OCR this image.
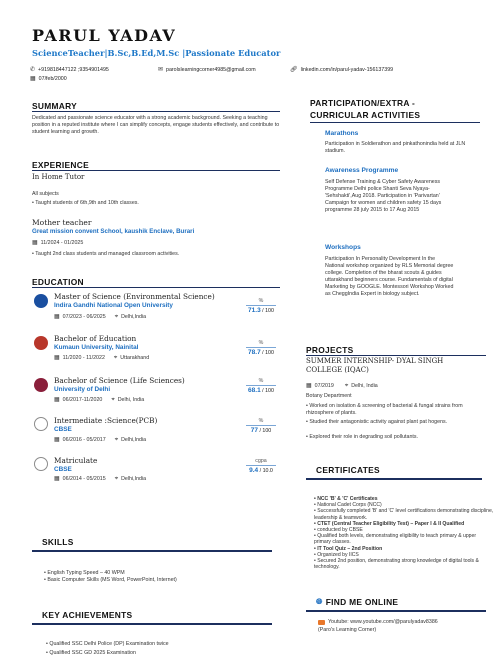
PARUL YADAV
ScienceTeacher|B.Sc,B.Ed,M.Sc |Passionate Educator
✆ +919818447122 ;9354901495	✉ parolslearningcorner4985@gmail.com	🔗︎ linkedin.com/in/parul-yadav-156137399
▦ 07/feb/2000
SUMMARY
Dedicated and passionate science educator with a strong academic background. Seeking a teaching position in a reputed institute where I can simplify concepts, engage students effectively, and contribute to student learning and growth.
EXPERIENCE
In Home Tutor
All subjects
• Taught students of 6th,9th and 10th classes.
Mother teacher
Great mission convent School, kaushik Enclave, Burari
▦ 11/2024 - 01/2025
• Taught 2nd class students and managed classroom activities.
EDUCATION
Master of Science (Environmental Science)
Indira Gandhi National Open University
▦ 07/2023 - 06/2025 ⌖ Delhi,India
%
71.3 / 100
Bachelor of Education
Kumaun University, Nainital
▦ 11/2020 - 11/2022 ⌖ Uttarakhand
%
78.7 / 100
Bachelor of Science (Life Sciences)
University of Delhi
▦ 06/2017-11/2020 ⌖ Delhi, India
%
68.1 / 100
Intermediate :Science(PCB)
CBSE
▦ 06/2016 - 05/2017 ⌖ Delhi,India
%
77 / 100
Matriculate
CBSE
▦ 06/2014 - 05/2015 ⌖ Delhi,India
cgpa
9.4 / 10.0
SKILLS
• English Typing Speed – 40 WPM
• Basic Computer Skills (MS Word, PowerPoint, Internet)
KEY ACHIEVEMENTS
• Qualified SSC Delhi Police (DP) Examination twice
• Qualified SSC GD 2025 Examination
PARTICIPATION/EXTRA -
CURRICULAR ACTIVITIES
Marathons
Participation in Soldierathon and pinkathonindia held at JLN stadium.
Awareness Programme
Self Defense Training & Cyber Safety Awareness Programme Delhi police Shanti Seva Nyaya- 'Sehshakti',Aug 2018. Participation in 'Parivartan' Campaign for women and children safety 15 days programme 28 july 2015 to 17 Aug 2015
Workshops
Participation In Personality Development In the National workshop organized by RLS Memorial degree college. Completion of the bharat scouts & guides uttarakhand beginners course. Fundamentals of digital Marketing by GOOGLE. Montessori Workshop Worked as CheggIndia Expert in biology subject.
PROJECTS
SUMMER INTERNSHIP- DYAL SINGH COLLEGE (IQAC)
▦ 07/2019 ⌖ Delhi, India
Botany Department
• Worked on isolation & screening of bacterial & fungal strains from rhizosphere of plants.
• Studied their antagonistic activity against plant pat hogens.
• Explored their role in degrading soil pollutants.
CERTIFICATES
• NCC 'B' & 'C' Certificates
• National Cadet Corps (NCC)
• Successfully completed 'B' and 'C' level certifications demonstrating discipline, leadership & teamwork.
• CTET (Central Teacher Eligibility Test) – Paper I & II Qualified
• conducted by CBSE
• Qualified both levels, demonstrating eligibility to teach primary & upper primary classes.
• IT Tool Quiz – 2nd Position
• Organized by IICS
• Secured 2nd position, demonstrating strong knowledge of digital tools & technology.
🌐︎ FIND ME ONLINE
Youtube: www.youtube.com/@parulyadav8386
(Paro's Learning Corner)
